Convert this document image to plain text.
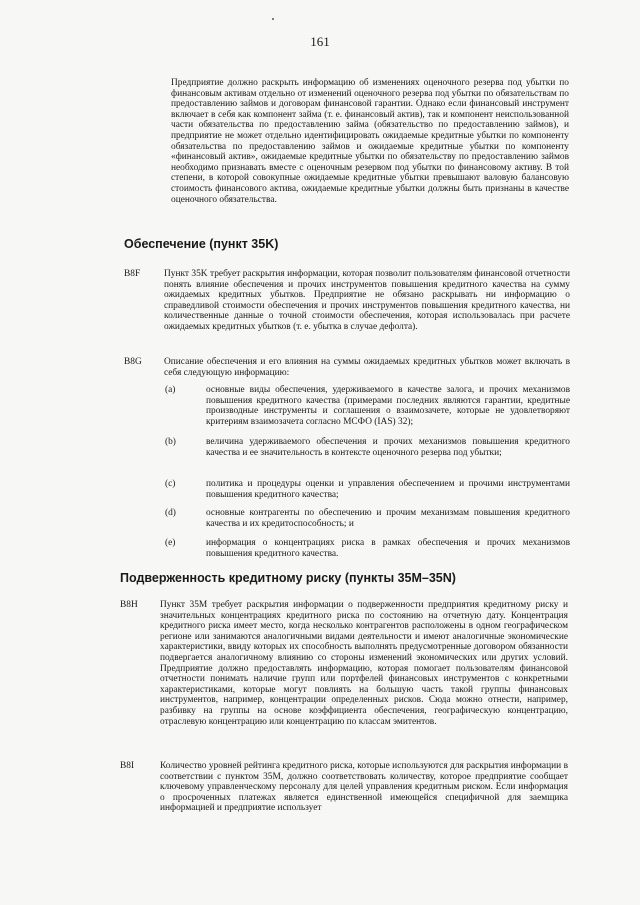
161
Предприятие должно раскрыть информацию об изменениях оценочного резерва под убытки по финансовым активам отдельно от изменений оценочного резерва под убытки по обязательствам по предоставлению займов и договорам финансовой гарантии. Однако если финансовый инструмент включает в себя как компонент займа (т. е. финансовый актив), так и компонент неиспользованной части обязательства по предоставлению займа (обязательство по предоставлению займов), и предприятие не может отдельно идентифицировать ожидаемые кредитные убытки по компоненту обязательства по предоставлению займов и ожидаемые кредитные убытки по компоненту «финансовый актив», ожидаемые кредитные убытки по обязательству по предоставлению займов необходимо признавать вместе с оценочным резервом под убытки по финансовому активу. В той степени, в которой совокупные ожидаемые кредитные убытки превышают валовую балансовую стоимость финансового актива, ожидаемые кредитные убытки должны быть признаны в качестве оценочного обязательства.
Обеспечение (пункт 35K)
B8F	Пункт 35K требует раскрытия информации, которая позволит пользователям финансовой отчетности понять влияние обеспечения и прочих инструментов повышения кредитного качества на сумму ожидаемых кредитных убытков. Предприятие не обязано раскрывать ни информацию о справедливой стоимости обеспечения и прочих инструментов повышения кредитного качества, ни количественные данные о точной стоимости обеспечения, которая использовалась при расчете ожидаемых кредитных убытков (т. е. убытка в случае дефолта).
B8G Описание обеспечения и его влияния на суммы ожидаемых кредитных убытков может включать в себя следующую информацию:
(a)	основные виды обеспечения, удерживаемого в качестве залога, и прочих механизмов повышения кредитного качества (примерами последних являются гарантии, кредитные производные инструменты и соглашения о взаимозачете, которые не удовлетворяют критериям взаимозачета согласно МСФО (IAS) 32);
(b)	величина удерживаемого обеспечения и прочих механизмов повышения кредитного качества и ее значительность в контексте оценочного резерва под убытки;
(c)	политика и процедуры оценки и управления обеспечением и прочими инструментами повышения кредитного качества;
(d)	основные контрагенты по обеспечению и прочим механизмам повышения кредитного качества и их кредитоспособность; и
(e)	информация о концентрациях риска в рамках обеспечения и прочих механизмов повышения кредитного качества.
Подверженность кредитному риску (пункты 35M–35N)
B8H Пункт 35M требует раскрытия информации о подверженности предприятия кредитному риску и значительных концентрациях кредитного риска по состоянию на отчетную дату. Концентрация кредитного риска имеет место, когда несколько контрагентов расположены в одном географическом регионе или занимаются аналогичными видами деятельности и имеют аналогичные экономические характеристики, ввиду которых их способность выполнять предусмотренные договором обязанности подвергается аналогичному влиянию со стороны изменений экономических или других условий. Предприятие должно предоставлять информацию, которая помогает пользователям финансовой отчетности понимать наличие групп или портфелей финансовых инструментов с конкретными характеристиками, которые могут повлиять на большую часть такой группы финансовых инструментов, например, концентрации определенных рисков. Сюда можно отнести, например, разбивку на группы на основе коэффициента обеспечения, географическую концентрацию, отраслевую концентрацию или концентрацию по классам эмитентов.
B8I	Количество уровней рейтинга кредитного риска, которые используются для раскрытия информации в соответствии с пунктом 35M, должно соответствовать количеству, которое предприятие сообщает ключевому управленческому персоналу для целей управления кредитным риском. Если информация о просроченных платежах является единственной имеющейся специфичной для заемщика информацией и предприятие использует
